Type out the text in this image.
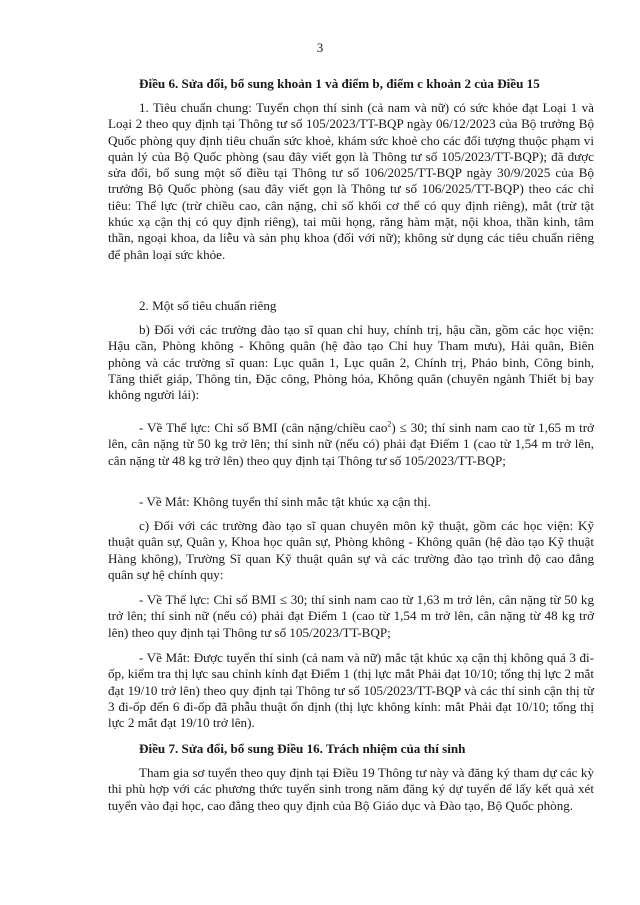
3

Điều 6. Sửa đổi, bổ sung khoản 1 và điểm b, điểm c khoản 2 của Điều 15

1. Tiêu chuẩn chung: Tuyển chọn thí sinh (cả nam và nữ) có sức khỏe đạt Loại 1 và Loại 2 theo quy định tại Thông tư số 105/2023/TT-BQP ngày 06/12/2023 của Bộ trưởng Bộ Quốc phòng quy định tiêu chuẩn sức khoẻ, khám sức khoẻ cho các đối tượng thuộc phạm vi quản lý của Bộ Quốc phòng (sau đây viết gọn là Thông tư số 105/2023/TT-BQP); đã được sửa đổi, bổ sung một số điều tại Thông tư số 106/2025/TT-BQP ngày 30/9/2025 của Bộ trưởng Bộ Quốc phòng (sau đây viết gọn là Thông tư số 106/2025/TT-BQP) theo các chỉ tiêu: Thể lực (trừ chiều cao, cân nặng, chỉ số khối cơ thể có quy định riêng), mắt (trừ tật khúc xạ cận thị có quy định riêng), tai mũi họng, răng hàm mặt, nội khoa, thần kinh, tâm thần, ngoại khoa, da liễu và sản phụ khoa (đối với nữ); không sử dụng các tiêu chuẩn riêng để phân loại sức khỏe.

2. Một số tiêu chuẩn riêng

b) Đối với các trường đào tạo sĩ quan chỉ huy, chính trị, hậu cần, gồm các học viện: Hậu cần, Phòng không - Không quân (hệ đào tạo Chỉ huy Tham mưu), Hải quân, Biên phòng và các trường sĩ quan: Lục quân 1, Lục quân 2, Chính trị, Pháo binh, Công binh, Tăng thiết giáp, Thông tin, Đặc công, Phòng hóa, Không quân (chuyên ngành Thiết bị bay không người lái):

- Về Thể lực: Chỉ số BMI (cân nặng/chiều cao$^2$) ≤ 30; thí sinh nam cao từ 1,65 m trở lên, cân nặng từ 50 kg trở lên; thí sinh nữ (nếu có) phải đạt Điểm 1 (cao từ 1,54 m trở lên, cân nặng từ 48 kg trở lên) theo quy định tại Thông tư số 105/2023/TT-BQP;

- Về Mắt: Không tuyển thí sinh mắc tật khúc xạ cận thị.

c) Đối với các trường đào tạo sĩ quan chuyên môn kỹ thuật, gồm các học viện: Kỹ thuật quân sự, Quân y, Khoa học quân sự, Phòng không - Không quân (hệ đào tạo Kỹ thuật Hàng không), Trường Sĩ quan Kỹ thuật quân sự và các trường đào tạo trình độ cao đẳng quân sự hệ chính quy:

- Về Thể lực: Chỉ số BMI ≤ 30; thí sinh nam cao từ 1,63 m trở lên, cân nặng từ 50 kg trở lên; thí sinh nữ (nếu có) phải đạt Điểm 1 (cao từ 1,54 m trở lên, cân nặng từ 48 kg trở lên) theo quy định tại Thông tư số 105/2023/TT-BQP;

- Về Mắt: Được tuyển thí sinh (cả nam và nữ) mắc tật khúc xạ cận thị không quá 3 đi-ốp, kiểm tra thị lực sau chỉnh kính đạt Điểm 1 (thị lực mắt Phải đạt 10/10; tổng thị lực 2 mắt đạt 19/10 trở lên) theo quy định tại Thông tư số 105/2023/TT-BQP và các thí sinh cận thị từ 3 đi-ốp đến 6 đi-ốp đã phẫu thuật ổn định (thị lực không kính: mắt Phải đạt 10/10; tổng thị lực 2 mắt đạt 19/10 trở lên).

Điều 7. Sửa đổi, bổ sung Điều 16. Trách nhiệm của thí sinh

Tham gia sơ tuyển theo quy định tại Điều 19 Thông tư này và đăng ký tham dự các kỳ thi phù hợp với các phương thức tuyển sinh trong năm đăng ký dự tuyển để lấy kết quả xét tuyển vào đại học, cao đẳng theo quy định của Bộ Giáo dục và Đào tạo, Bộ Quốc phòng.
